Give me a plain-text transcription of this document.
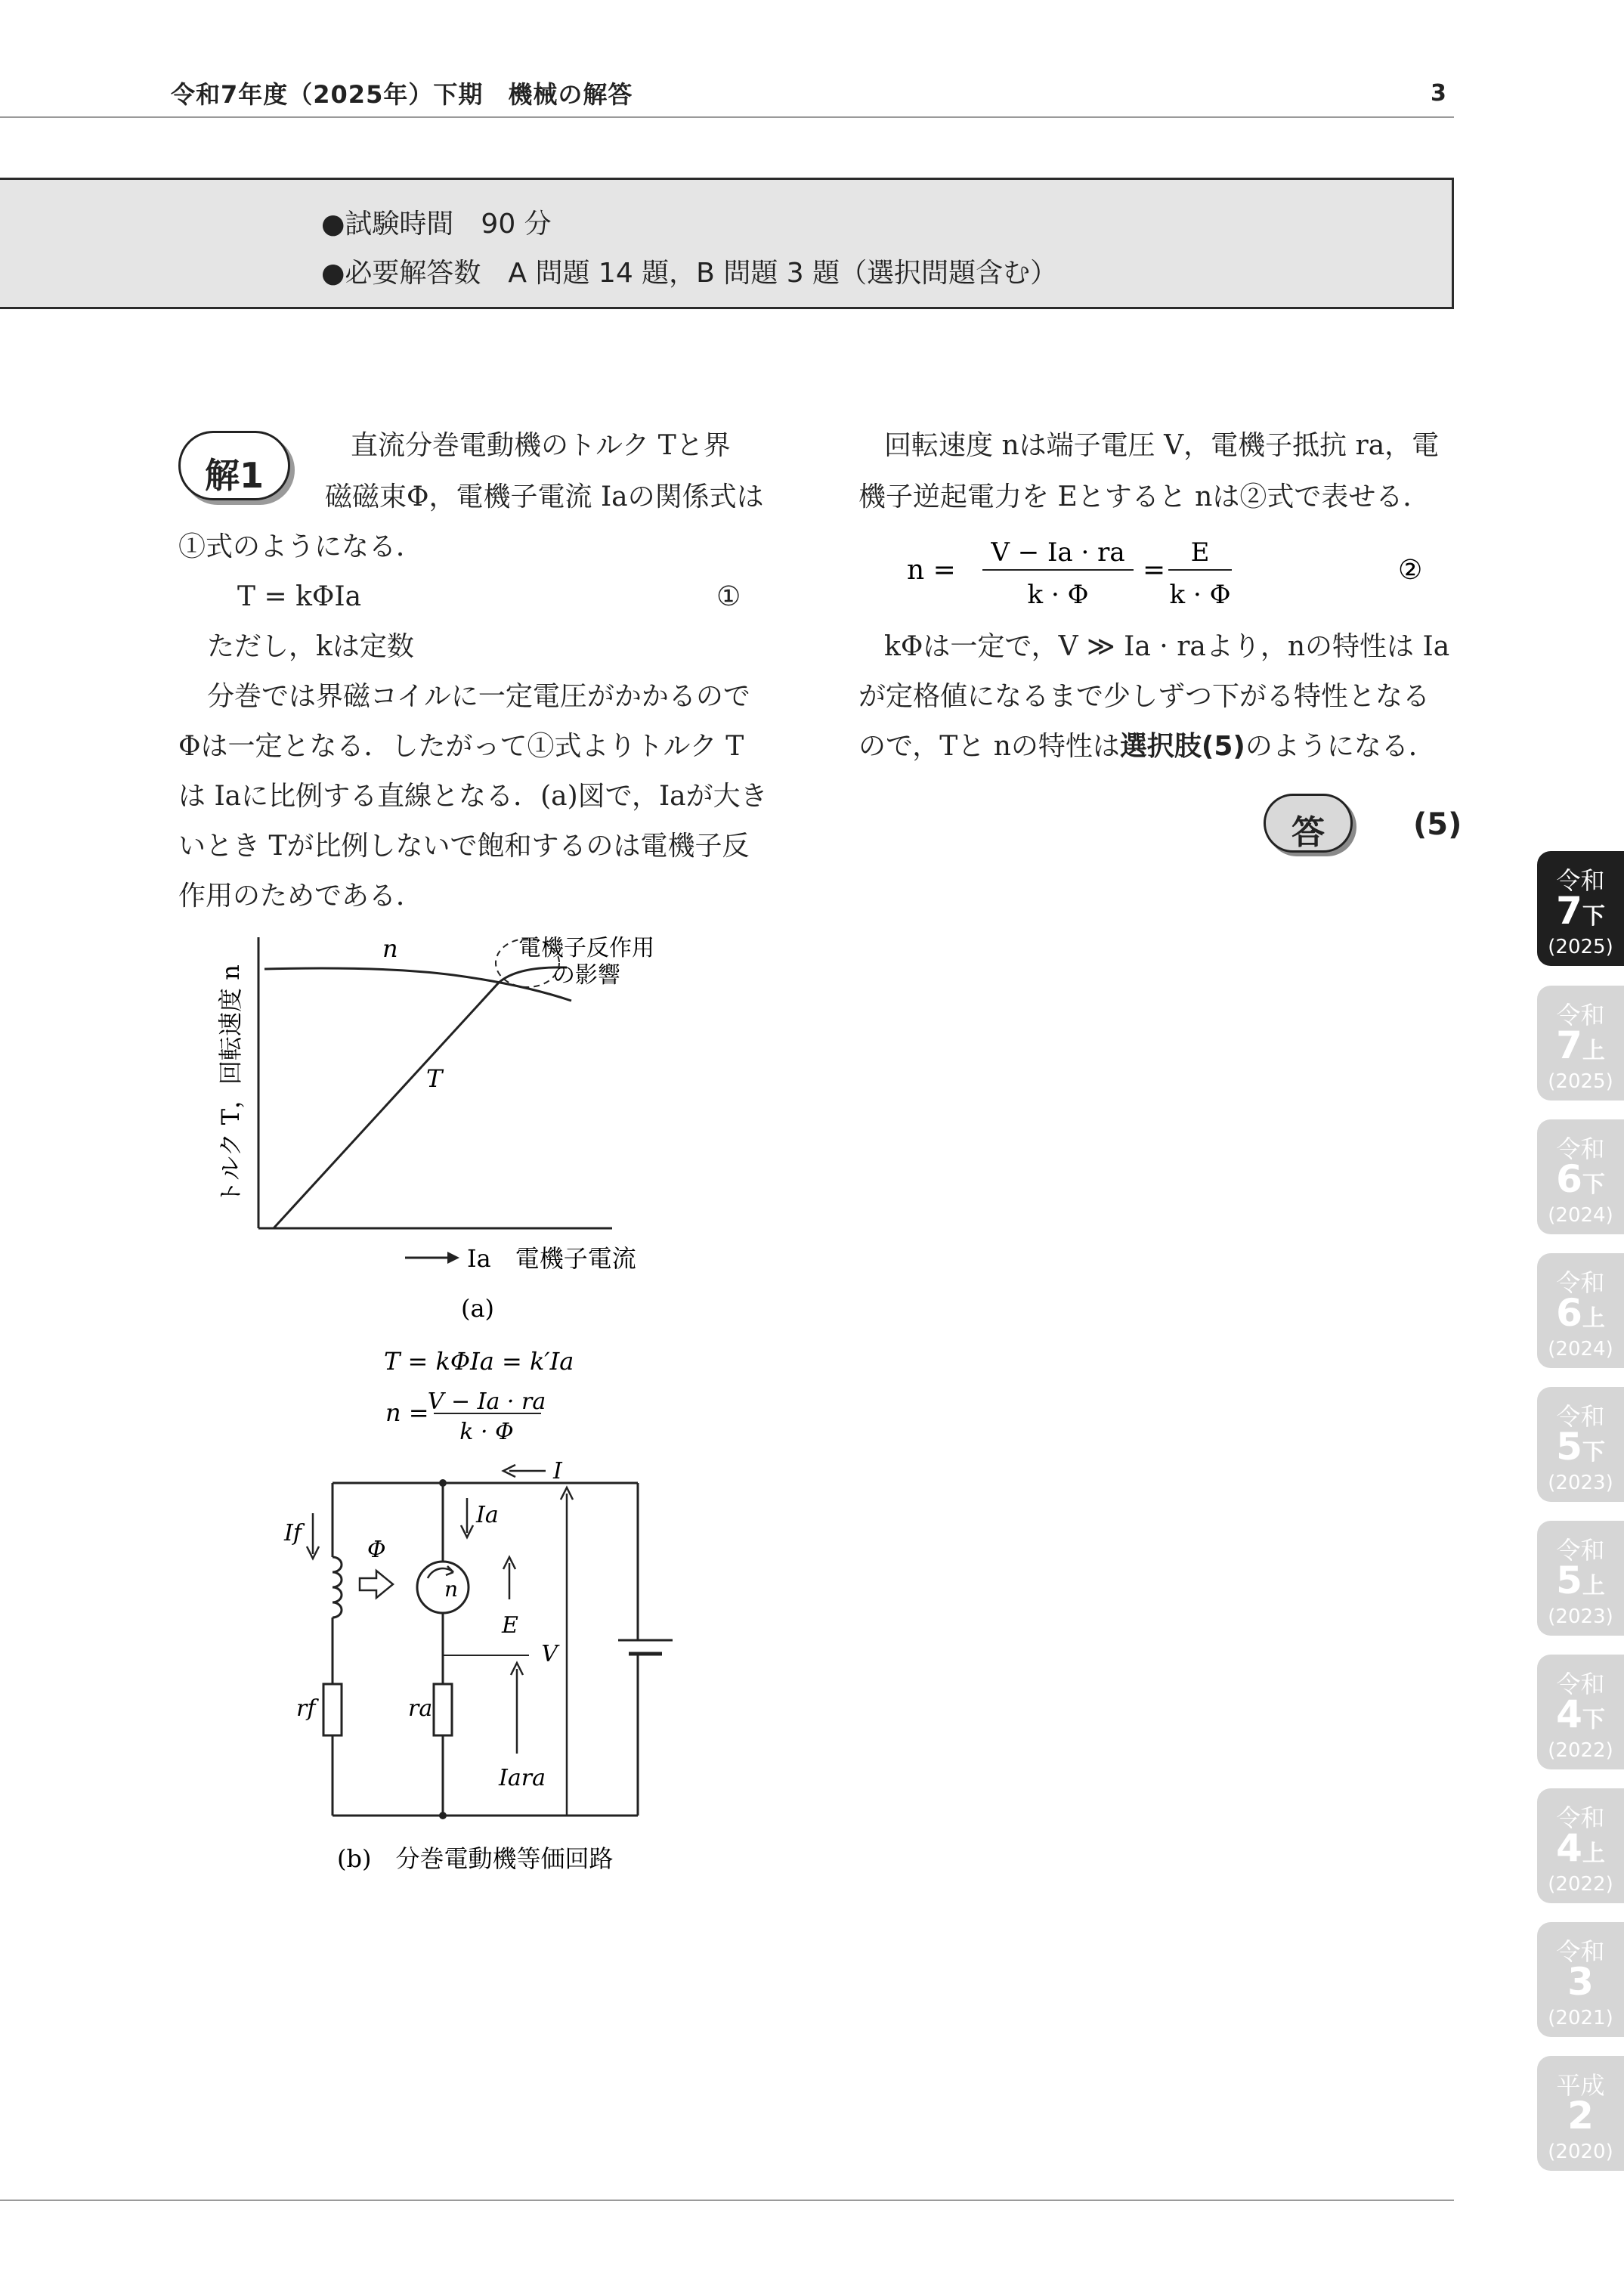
令和7年度（2025年）下期　機械の解答	3
●試験時間　90 分
●必要解答数　A 問題 14 題，B 問題 3 題（選択問題含む）
解1
直流分巻電動機のトルク Tと界
磁磁束Φ，電機子電流 Iaの関係式は
①式のようになる．
T = kΦIa	①
ただし，kは定数
分巻では界磁コイルに一定電圧がかかるので
Φは一定となる．したがって①式よりトルク T
は Iaに比例する直線となる．(a)図で，Iaが大き
いとき Tが比例しないで飽和するのは電機子反
作用のためである．
回転速度 nは端子電圧 V，電機子抵抗 ra，電
機子逆起電力を Eとすると nは②式で表せる．
n =
V − Ia · ra
k · Φ
=
E
k · Φ
②
kΦは一定で，V ≫ Ia · raより，nの特性は Ia
が定格値になるまで少しずつ下がる特性となる
ので，Tと nの特性は選択肢(5)のようになる．
答	(5)
n
T
電機子反作用
の影響
トルク T，回転速度 n
Ia　電機子電流
(a)
T = kΦIa = k′Ia
n =
V − Ia · ra
k · Φ
n
Φ
If
Ia
I
E
V
Iara
rf	ra
(b)　分巻電動機等価回路
令和
7下
(2025)
令和
7上
(2025)
令和
6下
(2024)
令和
6上
(2024)
令和
5下
(2023)
令和
5上
(2023)
令和
4下
(2022)
令和
4上
(2022)
令和
3
(2021)
平成
2
(2020)
